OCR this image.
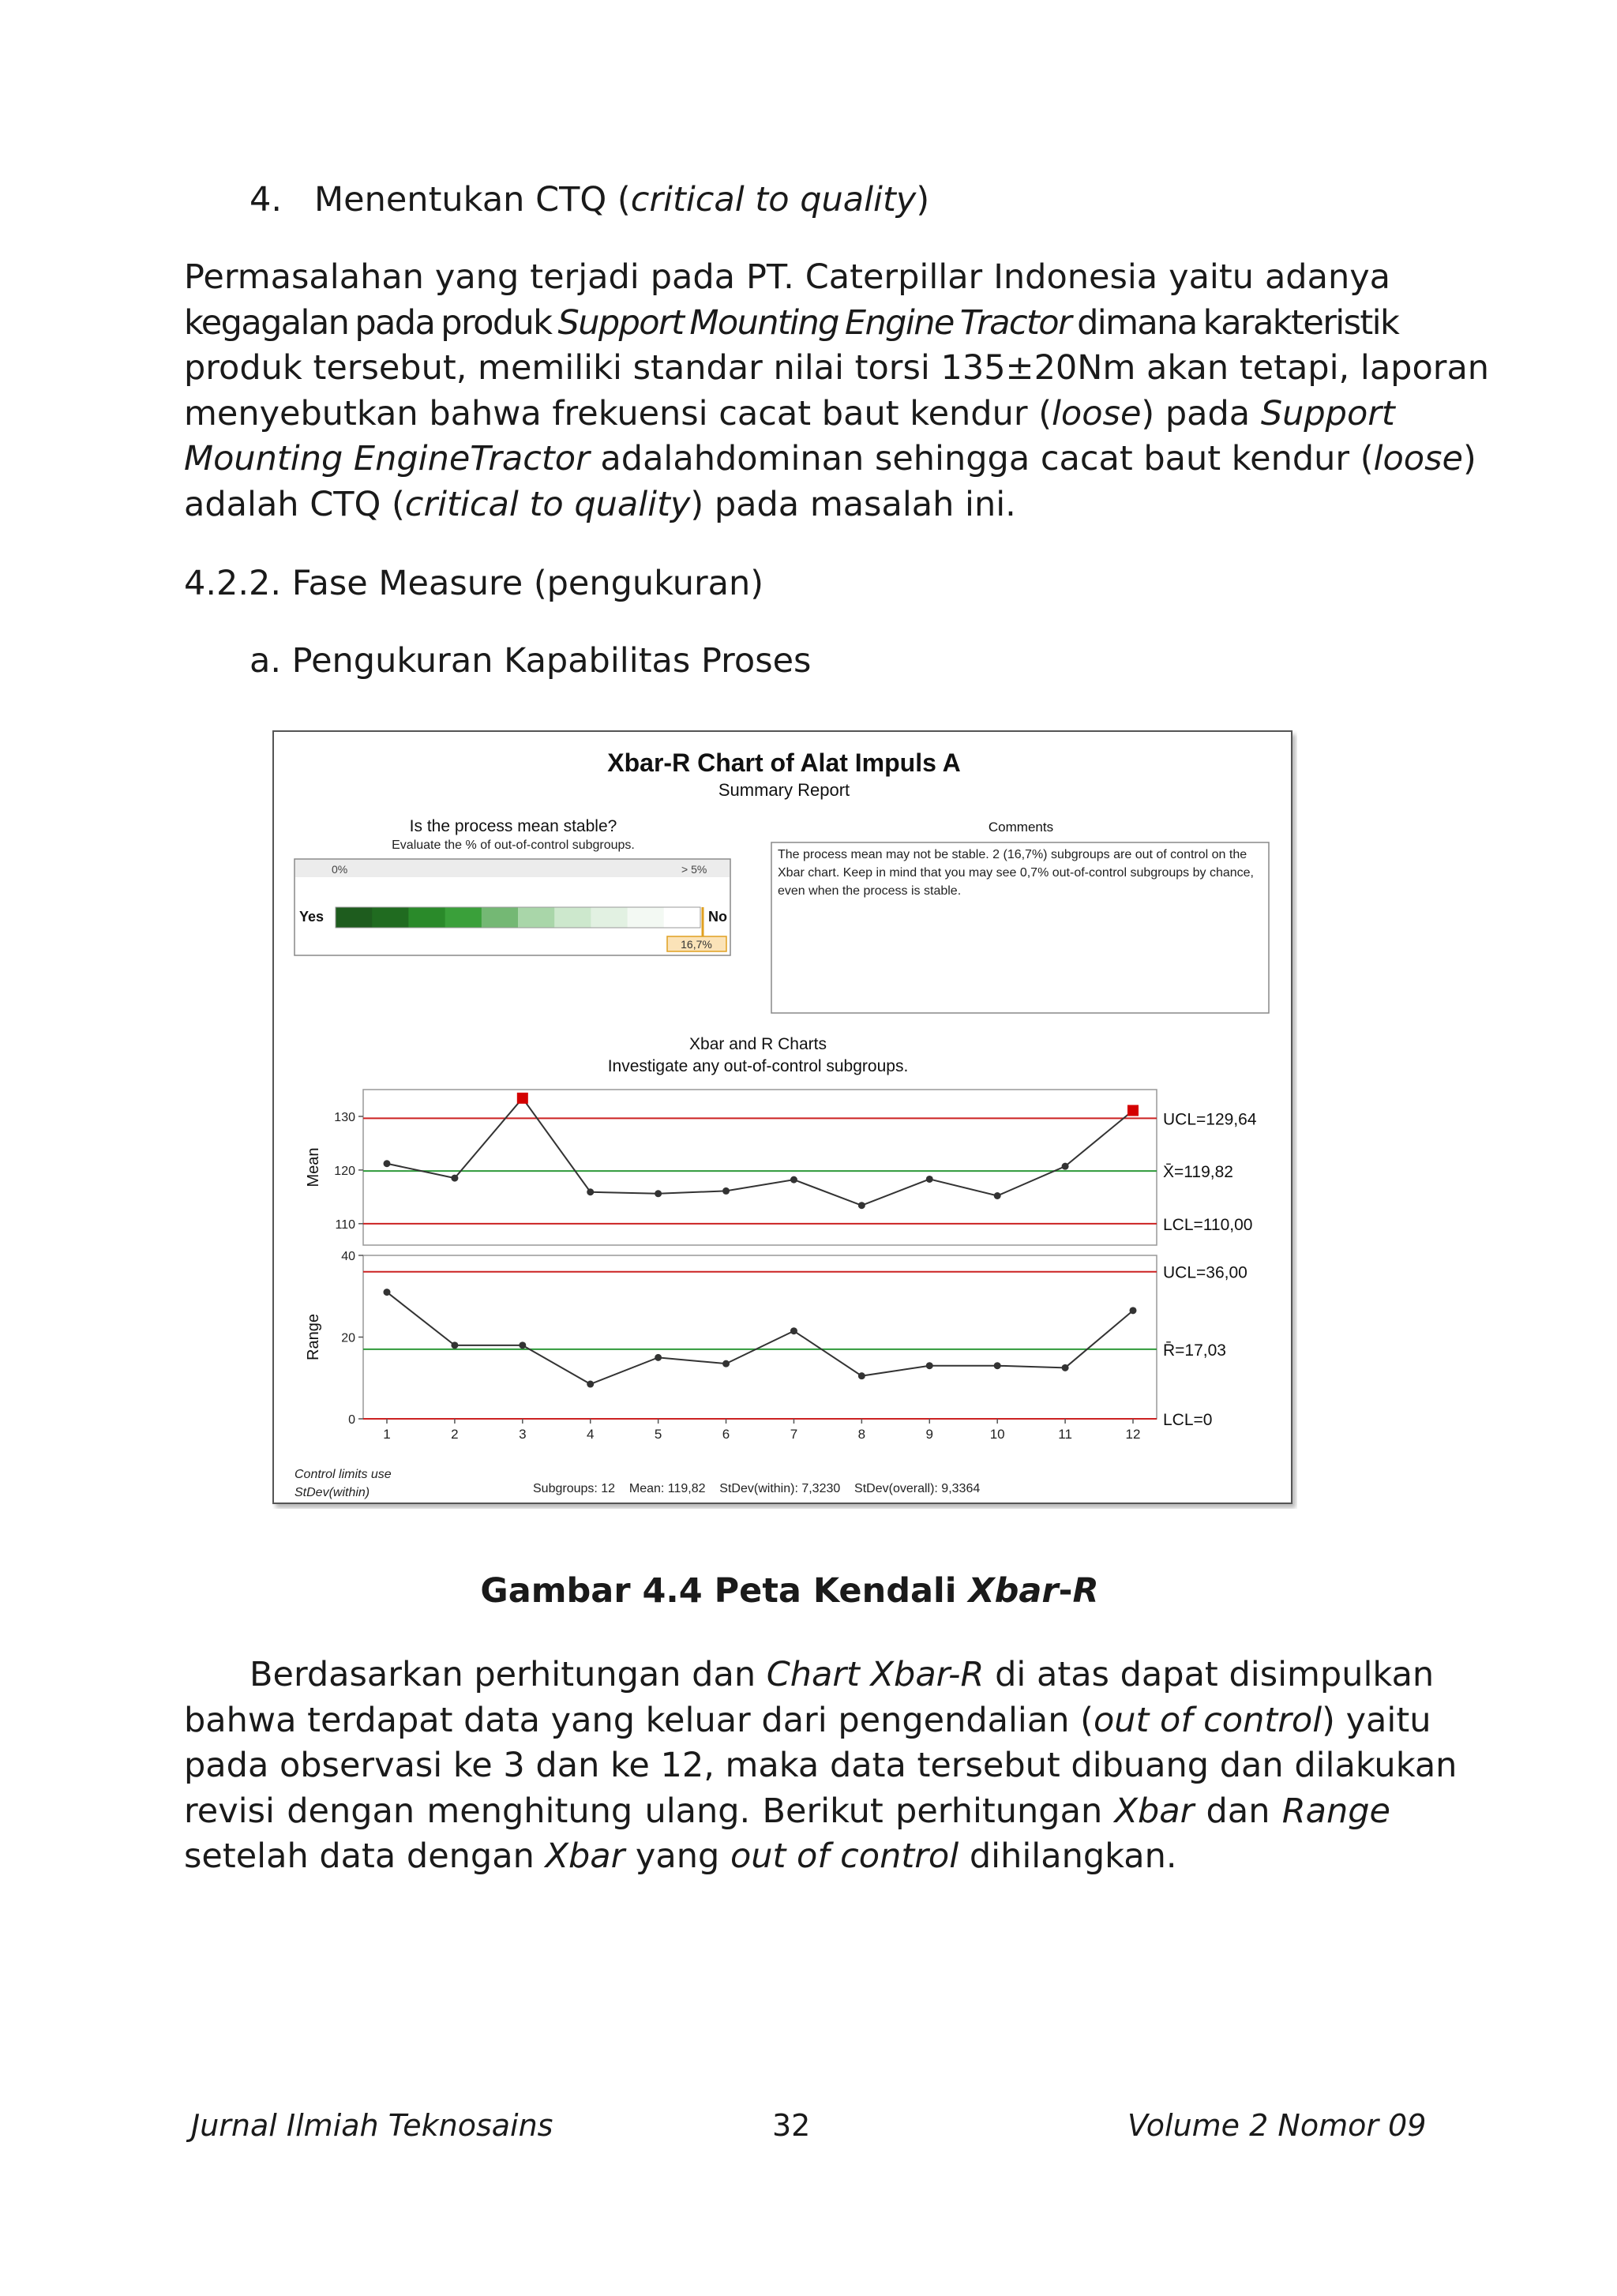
4. Menentukan CTQ (critical to quality)
Permasalahan yang terjadi pada PT. Caterpillar Indonesia yaitu adanya
kegagalan pada produk Support Mounting Engine Tractor dimana karakteristik
produk tersebut, memiliki standar nilai torsi 135±20Nm akan tetapi, laporan
menyebutkan bahwa frekuensi cacat baut kendur (loose) pada Support
Mounting EngineTractor adalahdominan sehingga cacat baut kendur (loose)
adalah CTQ (critical to quality) pada masalah ini.
4.2.2. Fase Measure (pengukuran)
a. Pengukuran Kapabilitas Proses
Xbar-R Chart of Alat Impuls A
Summary Report
Is the process mean stable?
Evaluate the % of out-of-control subgroups.
0%	> 5%
Yes	No
16,7%
Comments
The process mean may not be stable. 2 (16,7%) subgroups are out of control on the Xbar chart. Keep in mind that you may see 0,7% out-of-control subgroups by chance, even when the process is stable.
Xbar and R Charts
Investigate any out-of-control subgroups.
UCL=129,64
X̄=119,82
LCL=110,00
110
120
130
Mean
UCL=36,00
R̄=17,03
LCL=0
0
20
40
Range
1	2	3	4	5	6	7	8	9	10	11	12
Control limits use
StDev(within)	Subgroups: 12    Mean: 119,82    StDev(within): 7,3230    StDev(overall): 9,3364
Gambar 4.4 Peta Kendali Xbar-R
Berdasarkan perhitungan dan Chart Xbar-R di atas dapat disimpulkan
bahwa terdapat data yang keluar dari pengendalian (out of control) yaitu
pada observasi ke 3 dan ke 12, maka data tersebut dibuang dan dilakukan
revisi dengan menghitung ulang. Berikut perhitungan Xbar dan Range
setelah data dengan Xbar yang out of control dihilangkan.
Jurnal Ilmiah Teknosains	32	Volume 2 Nomor 09
